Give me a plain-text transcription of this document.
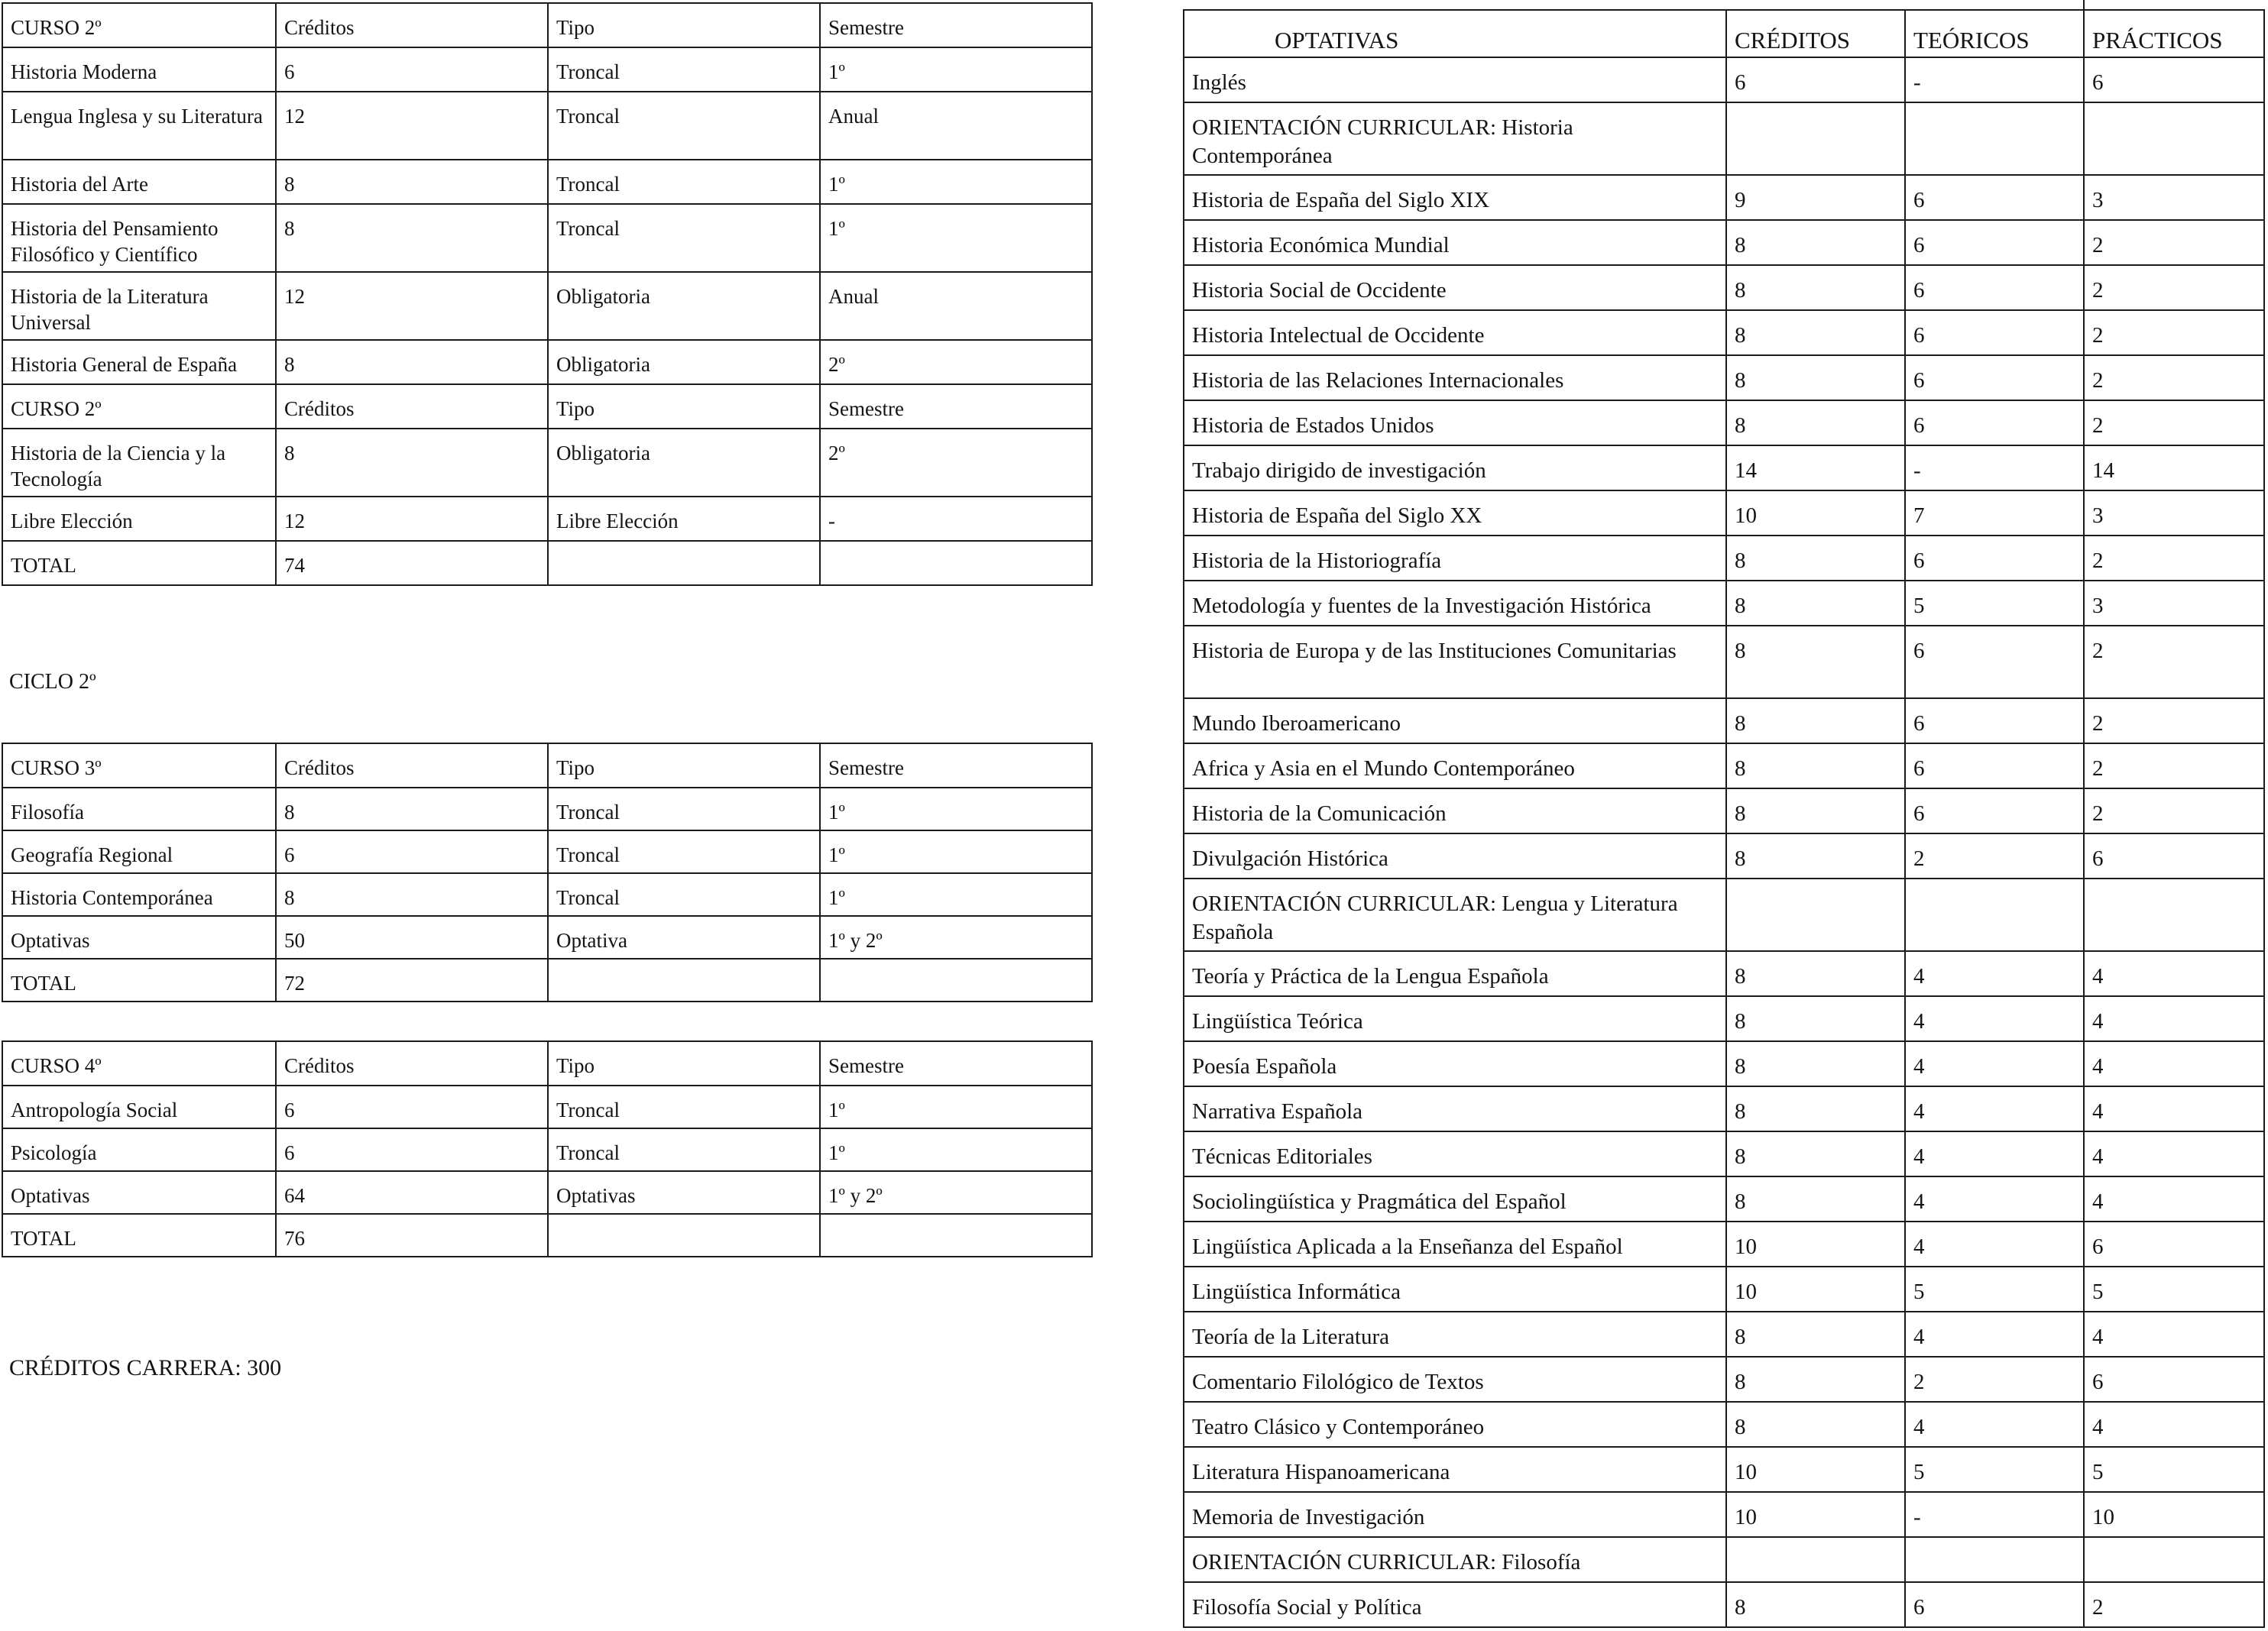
CURSO 2º	Créditos	Tipo	Semestre
Historia Moderna	6	Troncal	1º
Lengua Inglesa y su Literatura	12	Troncal	Anual
Historia del Arte	8	Troncal	1º
Historia del Pensamiento Filosófico y Científico	8	Troncal	1º
Historia de la Literatura Universal	12	Obligatoria	Anual
Historia General de España	8	Obligatoria	2º
CURSO 2º	Créditos	Tipo	Semestre
Historia de la Ciencia y la Tecnología	8	Obligatoria	2º
Libre Elección	12	Libre Elección	-
TOTAL	74		
CICLO 2º
CURSO 3º	Créditos	Tipo	Semestre
Filosofía	8	Troncal	1º
Geografía Regional	6	Troncal	1º
Historia Contemporánea	8	Troncal	1º
Optativas	50	Optativa	1º y 2º
TOTAL	72		
CURSO 4º	Créditos	Tipo	Semestre
Antropología Social	6	Troncal	1º
Psicología	6	Troncal	1º
Optativas	64	Optativas	1º y 2º
TOTAL	76		
CRÉDITOS CARRERA: 300
OPTATIVAS	CRÉDITOS	TEÓRICOS	PRÁCTICOS
Inglés	6	-	6
ORIENTACIÓN CURRICULAR: Historia Contemporánea			
Historia de España del Siglo XIX	9	6	3
Historia Económica Mundial	8	6	2
Historia Social de Occidente	8	6	2
Historia Intelectual de Occidente	8	6	2
Historia de las Relaciones Internacionales	8	6	2
Historia de Estados Unidos	8	6	2
Trabajo dirigido de investigación	14	-	14
Historia de España del Siglo XX	10	7	3
Historia de la Historiografía	8	6	2
Metodología y fuentes de la Investigación Histórica	8	5	3
Historia de Europa y de las Instituciones Comunitarias	8	6	2
Mundo Iberoamericano	8	6	2
Africa y Asia en el Mundo Contemporáneo	8	6	2
Historia de la Comunicación	8	6	2
Divulgación Histórica	8	2	6
ORIENTACIÓN CURRICULAR: Lengua y Literatura Española			
Teoría y Práctica de la Lengua Española	8	4	4
Lingüística Teórica	8	4	4
Poesía Española	8	4	4
Narrativa Española	8	4	4
Técnicas Editoriales	8	4	4
Sociolingüística y Pragmática del Español	8	4	4
Lingüística Aplicada a la Enseñanza del Español	10	4	6
Lingüística Informática	10	5	5
Teoría de la Literatura	8	4	4
Comentario Filológico de Textos	8	2	6
Teatro Clásico y Contemporáneo	8	4	4
Literatura Hispanoamericana	10	5	5
Memoria de Investigación	10	-	10
ORIENTACIÓN CURRICULAR: Filosofía			
Filosofía Social y Política	8	6	2
